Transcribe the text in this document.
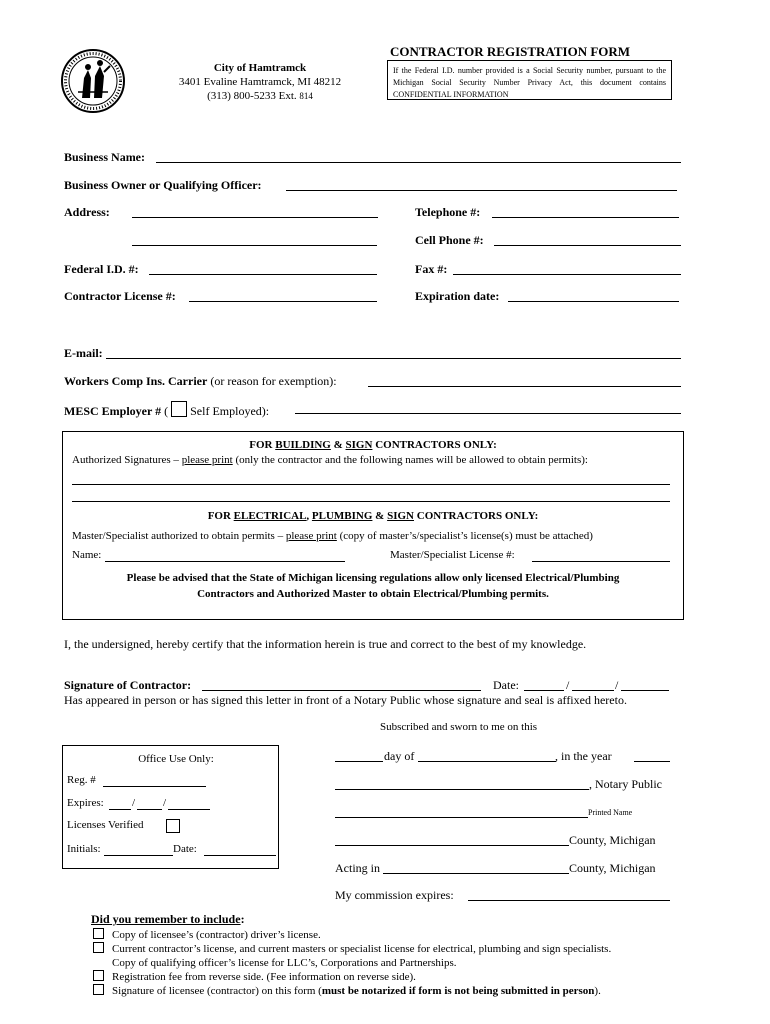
City of Hamtramck
3401 Evaline Hamtramck, MI 48212
(313) 800-5233 Ext. 814
CONTRACTOR REGISTRATION FORM
If the Federal I.D. number provided is a Social Security number, pursuant to the Michigan Social Security Number Privacy Act, this document contains CONFIDENTIAL INFORMATION
Business Name:
Business Owner or Qualifying Officer:
Address:	Telephone #:
Cell Phone #:
Federal I.D. #:	Fax #:
Contractor License #:	Expiration date:
E-mail:
Workers Comp Ins. Carrier (or reason for exemption):
MESC Employer # ( Self Employed):
FOR BUILDING & SIGN CONTRACTORS ONLY:
Authorized Signatures – please print (only the contractor and the following names will be allowed to obtain permits):
FOR ELECTRICAL, PLUMBING & SIGN CONTRACTORS ONLY:
Master/Specialist authorized to obtain permits – please print (copy of master’s/specialist’s license(s) must be attached)
Name:	Master/Specialist License #:
Please be advised that the State of Michigan licensing regulations allow only licensed Electrical/Plumbing
Contractors and Authorized Master to obtain Electrical/Plumbing permits.
I, the undersigned, hereby certify that the information herein is true and correct to the best of my knowledge.
Signature of Contractor:	Date:	/	/
Has appeared in person or has signed this letter in front of a Notary Public whose signature and seal is affixed hereto.
Subscribed and sworn to me on this
day of	, in the year
, Notary Public
Printed Name
County, Michigan
Acting in	County, Michigan
My commission expires:
Office Use Only:
Reg. #
Expires:	/	/
Licenses Verified
Initials:	Date:
Did you remember to include:
Copy of licensee’s (contractor) driver’s license.
Current contractor’s license, and current masters or specialist license for electrical, plumbing and sign specialists.
Copy of qualifying officer’s license for LLC’s, Corporations and Partnerships.
Registration fee from reverse side. (Fee information on reverse side).
Signature of licensee (contractor) on this form (must be notarized if form is not being submitted in person).
